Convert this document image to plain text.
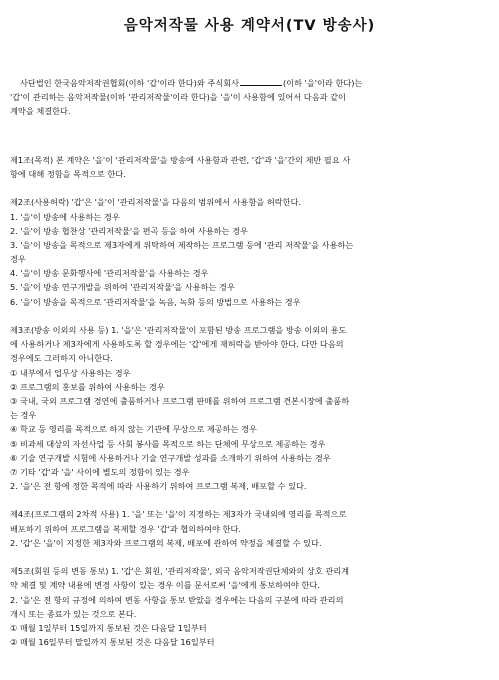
음악저작물 사용 계약서(TV 방송사)
사단법인 한국음악저작권협회(이하 '갑'이라 한다)와 주식회사	(이하 '을'이라 한다)는
'갑'이 관리하는 음악저작물(이하 '관리저작물'이라 한다)을 '을'이 사용함에 있어서 다음과 같이
계약을 체결한다.
제1조(목적) 본 계약은 '을'이 '관리저작물'을 방송에 사용함과 관련, '갑'과 '을'간의 제반 필요 사
항에 대해 정함을 목적으로 한다.
제2조(사용허락) '갑'은 '을'이 '관리저작물'을 다음의 범위에서 사용함을 허락한다.
1. '을'이 방송에 사용하는 경우
2. '을'이 방송 협찬상 '관리저작물'을 편곡 등을 하여 사용하는 경우
3. '을'이 방송을 목적으로 제3자에게 위탁하여 제작하는 프로그램 등에 '관리 저작물'을 사용하는
경우
4. '을'이 방송 문화행사에 '관리저작물'을 사용하는 경우
5. '을'이 방송 연구개발을 위하여 '관리저작물'을 사용하는 경우
6. '을'이 방송을 목적으로 '관리저작물'을 녹음, 녹화 등의 방법으로 사용하는 경우
제3조(방송 이외의 사용 등) 1. '을'은 '관리저작물'이 포함된 방송 프로그램을 방송 이외의 용도
에 사용하거나 제3자에게 사용하도록 할 경우에는 '갑'에게 재허락을 받아야 한다. 다만 다음의
경우에도 그러하지 아니한다.
① 내부에서 업무상 사용하는 경우
② 프로그램의 홍보를 위하여 사용하는 경우
③ 국내, 국외 프로그램 경연에 출품하거나 프로그램 판매를 위하여 프로그램 견본시장에 출품하
는 경우
④ 학교 등 영리를 목적으로 하지 않는 기관에 무상으로 제공하는 경우
⑤ 비과세 대상의 자선사업 등 사회 봉사를 목적으로 하는 단체에 무상으로 제공하는 경우
⑥ 기술 연구개발 시험에 사용하거나 기술 연구개발 성과를 소개하기 위하여 사용하는 경우
⑦ 기타 '갑'과 '을' 사이에 별도의 정함이 있는 경우
2. '을'은 전 항에 정한 목적에 따라 사용하기 위하여 프로그램 복제, 배포할 수 있다.
제4조(프로그램의 2차적 사용) 1. '을' 또는 '을'이 지정하는 제3자가 국내외에 영리를 목적으로
배포하기 위하여 프로그램을 복제할 경우 '갑'과 협의하여야 한다.
2. '갑'은 '을'이 지정한 제3자와 프로그램의 복제, 배포에 관하여 약정을 체결할 수 있다.
제5조(회원 등의 변동 통보) 1. '갑'은 회원, '관리저작물', 외국 음악저작권단체와의 상호 관리계
약 체결 및 계약 내용에 변경 사항이 있는 경우 이를 문서로써 '을'에게 통보하여야 한다.
2. '을'은 전 항의 규정에 의하여 변동 사항을 통보 받았을 경우에는 다음의 구분에 따라 관리의
개시 또는 종료가 있는 것으로 본다.
① 매월 1일부터 15일까지 통보된 것은 다음달 1일부터
② 매월 16일부터 말일까지 통보된 것은 다음달 16일부터
